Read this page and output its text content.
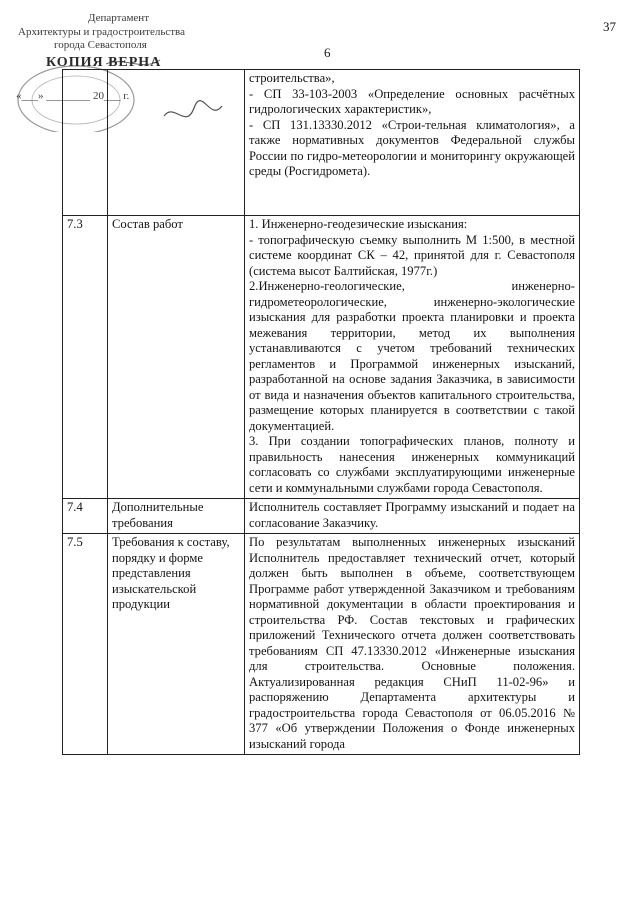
37
6
Департамент
Архитектуры и градостроительства
города Севастополя
КОПИЯ ВЕРНА
«___» ________ 20___ г.

		строительства»,

- СП 33-103-2003 «Определение основных расчётных гидрологических характеристик»,

- СП 131.13330.2012 «Строи-тельная климатология», а также нормативных документов Федеральной службы России по гидро-метеорологии и мониторингу окружающей среды (Росгидромета).

7.3	Состав работ	1. Инженерно-геодезические изыскания:

- топографическую съемку выполнить М 1:500, в местной системе координат СК – 42, принятой для г. Севастополя (система высот Балтийская, 1977г.)

2.Инженерно-геологические, инженерно-гидрометеорологические, инженерно-экологические изыскания для разработки проекта планировки и проекта межевания территории, метод их выполнения устанавливаются с учетом требований технических регламентов и Программой инженерных изысканий, разработанной на основе задания Заказчика, в зависимости от вида и назначения объектов капитального строительства, размещение которых планируется в соответствии с такой документацией.

3. При создании топографических планов, полноту и правильность нанесения инженерных коммуникаций согласовать со службами эксплуатирующими инженерные сети и коммунальными службами города Севастополя.

7.4	Дополнительные требования	Исполнитель составляет Программу изысканий и подает на согласование Заказчику.

7.5	Требования к составу, порядку и форме представления изыскательской продукции	По результатам выполненных инженерных изысканий Исполнитель предоставляет технический отчет, который должен быть выполнен в объеме, соответствующем Программе работ утвержденной Заказчиком и требованиям нормативной документации в области проектирования и строительства РФ. Состав текстовых и графических приложений Технического отчета должен соответствовать требованиям СП 47.13330.2012 «Инженерные изыскания для строительства. Основные положения. Актуализированная редакция СНиП 11-02-96» и распоряжению Департамента архитектуры и градостроительства города Севастополя от 06.05.2016 № 377 «Об утверждении Положения о Фонде инженерных изысканий города
